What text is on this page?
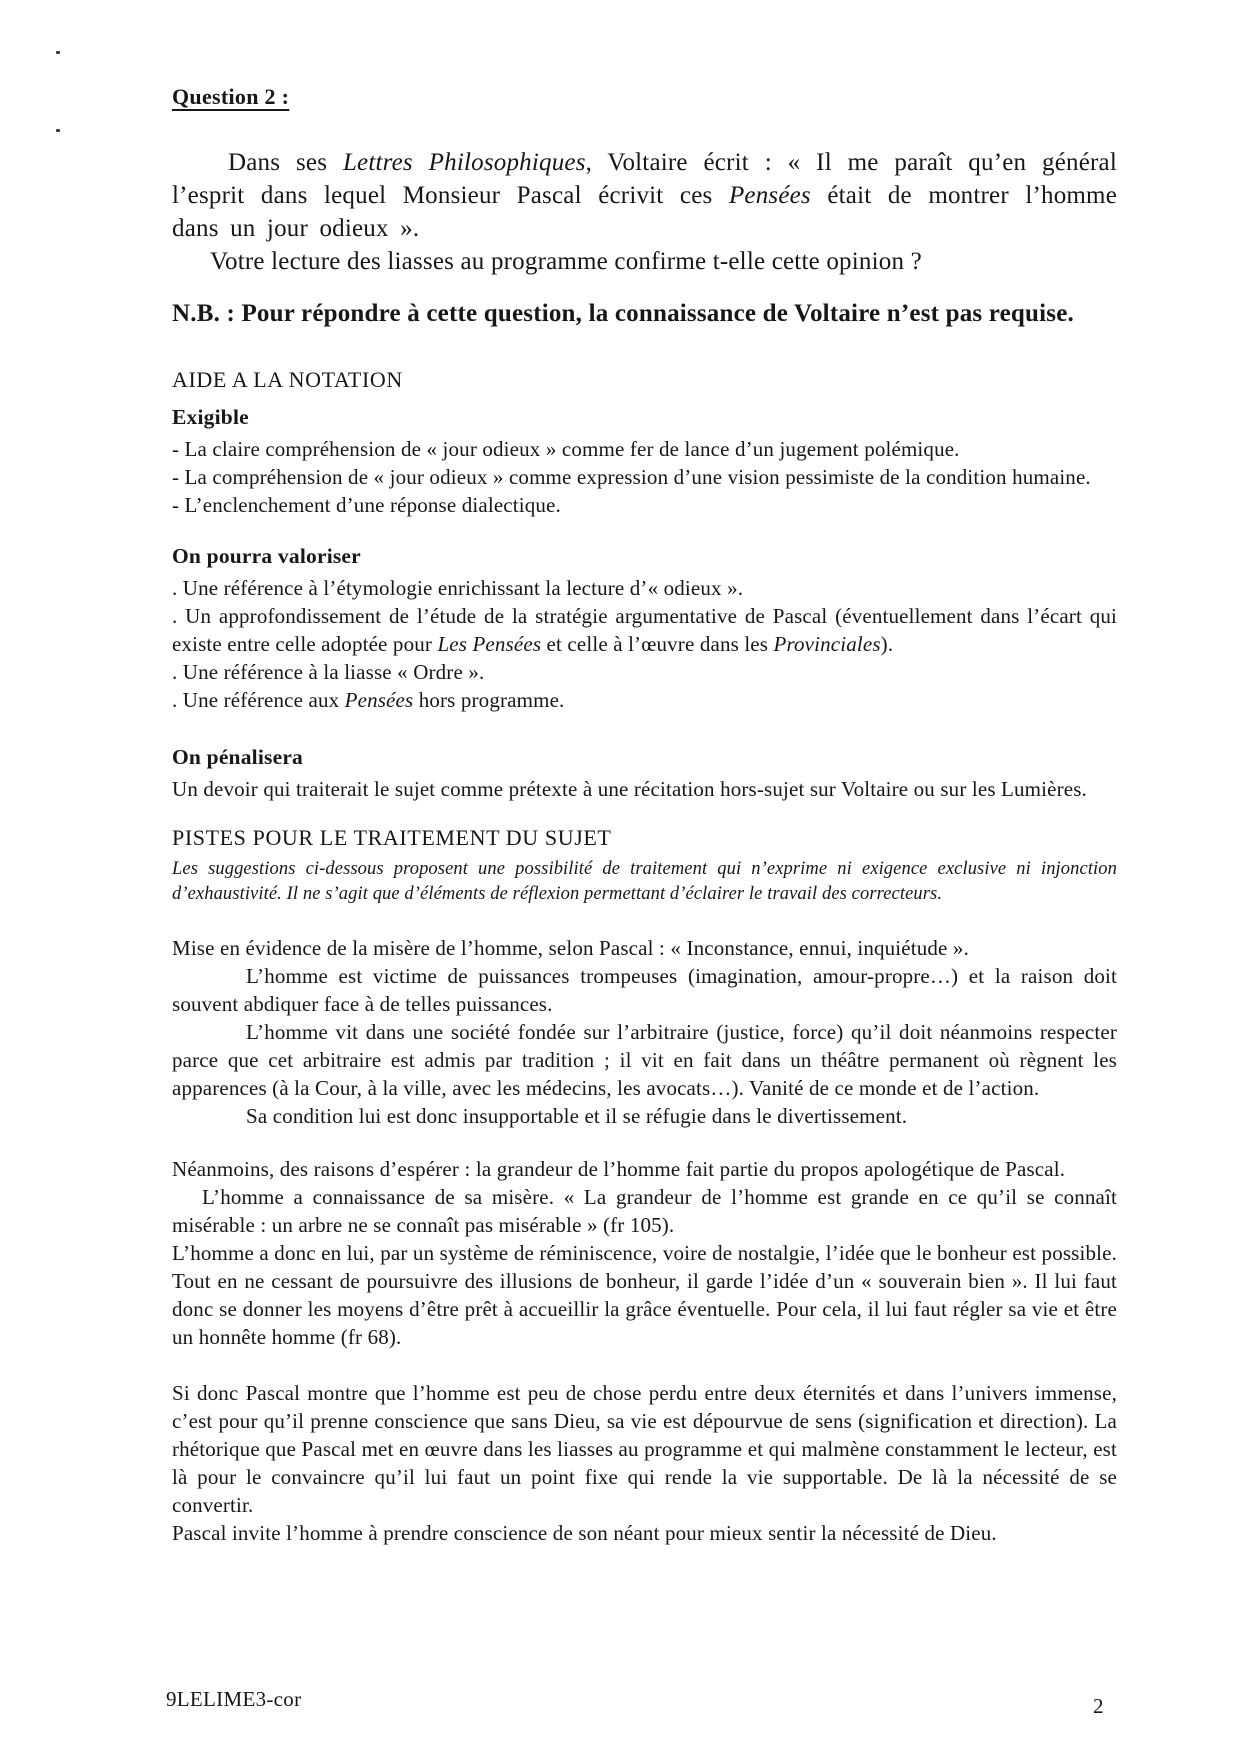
Question 2 :

Dans ses Lettres Philosophiques, Voltaire écrit : « Il me paraît qu’en général l’esprit dans lequel Monsieur Pascal écrivit ces Pensées était de montrer l’homme dans un jour odieux ».

Votre lecture des liasses au programme confirme t-elle cette opinion ?

N.B. : Pour répondre à cette question, la connaissance de Voltaire n’est pas requise.

AIDE A LA NOTATION
Exigible

- La claire compréhension de « jour odieux » comme fer de lance d’un jugement polémique.

- La compréhension de « jour odieux » comme expression d’une vision pessimiste de la condition humaine.

- L’enclenchement d’une réponse dialectique.

On pourra valoriser

. Une référence à l’étymologie enrichissant la lecture d’« odieux ».

. Un approfondissement de l’étude de la stratégie argumentative de Pascal (éventuellement dans l’écart qui existe entre celle adoptée pour Les Pensées et celle à l’œuvre dans les Provinciales).

. Une référence à la liasse « Ordre ».

. Une référence aux Pensées hors programme.

On pénalisera

Un devoir qui traiterait le sujet comme prétexte à une récitation hors-sujet sur Voltaire ou sur les Lumières.

PISTES POUR LE TRAITEMENT DU SUJET

Les suggestions ci-dessous proposent une possibilité de traitement qui n’exprime ni exigence exclusive ni injonction d’exhaustivité. Il ne s’agit que d’éléments de réflexion permettant d’éclairer le travail des correcteurs.

Mise en évidence de la misère de l’homme, selon Pascal : « Inconstance, ennui, inquiétude ».

L’homme est victime de puissances trompeuses (imagination, amour-propre…) et la raison doit souvent abdiquer face à de telles puissances.

L’homme vit dans une société fondée sur l’arbitraire (justice, force) qu’il doit néanmoins respecter parce que cet arbitraire est admis par tradition ; il vit en fait dans un théâtre permanent où règnent les apparences (à la Cour, à la ville, avec les médecins, les avocats…). Vanité de ce monde et de l’action.

Sa condition lui est donc insupportable et il se réfugie dans le divertissement.

Néanmoins, des raisons d’espérer : la grandeur de l’homme fait partie du propos apologétique de Pascal.

L’homme a connaissance de sa misère. « La grandeur de l’homme est grande en ce qu’il se connaît misérable : un arbre ne se connaît pas misérable » (fr 105).

L’homme a donc en lui, par un système de réminiscence, voire de nostalgie, l’idée que le bonheur est possible. Tout en ne cessant de poursuivre des illusions de bonheur, il garde l’idée d’un « souverain bien ». Il lui faut donc se donner les moyens d’être prêt à accueillir la grâce éventuelle. Pour cela, il lui faut régler sa vie et être un honnête homme (fr 68).

Si donc Pascal montre que l’homme est peu de chose perdu entre deux éternités et dans l’univers immense, c’est pour qu’il prenne conscience que sans Dieu, sa vie est dépourvue de sens (signification et direction). La rhétorique que Pascal met en œuvre dans les liasses au programme et qui malmène constamment le lecteur, est là pour le convaincre qu’il lui faut un point fixe qui rende la vie supportable. De là la nécessité de se convertir.

Pascal invite l’homme à prendre conscience de son néant pour mieux sentir la nécessité de Dieu.

9LELIME3-cor	2
